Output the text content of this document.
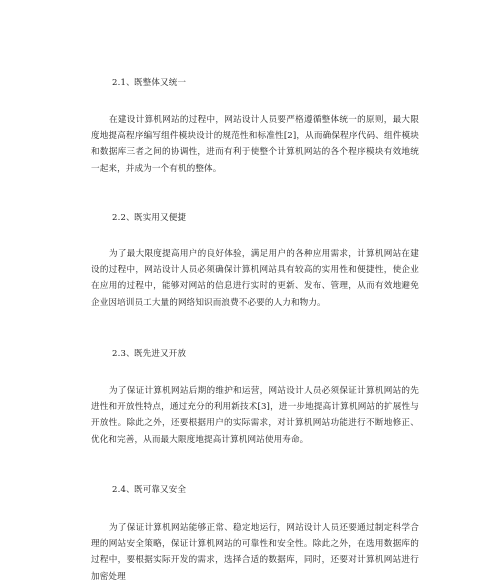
2.1、既整体又统一

在建设计算机网站的过程中，网站设计人员要严格遵循整体统一的原则，最大限度地提高程序编写组件模块设计的规范性和标准性[2]，从而确保程序代码、组件模块和数据库三者之间的协调性，进而有利于使整个计算机网站的各个程序模块有效地统一起来，并成为一个有机的整体。

2.2、既实用又便捷

为了最大限度提高用户的良好体验，满足用户的各种应用需求，计算机网站在建设的过程中，网站设计人员必须确保计算机网站具有较高的实用性和便捷性，使企业在应用的过程中，能够对网站的信息进行实时的更新、发布、管理，从而有效地避免企业因培训员工大量的网络知识而浪费不必要的人力和物力。

2.3、既先进又开放

为了保证计算机网站后期的维护和运营，网站设计人员必须保证计算机网站的先进性和开放性特点，通过充分的利用新技术[3]，进一步地提高计算机网站的扩展性与开放性。除此之外，还要根据用户的实际需求，对计算机网站功能进行不断地修正、优化和完善，从而最大限度地提高计算机网站使用寿命。

2.4、既可靠又安全

为了保证计算机网站能够正常、稳定地运行，网站设计人员还要通过制定科学合理的网站安全策略，保证计算机网站的可靠性和安全性。除此之外，在选用数据库的过程中，要根据实际开发的需求，选择合适的数据库，同时，还要对计算机网站进行加密处理
